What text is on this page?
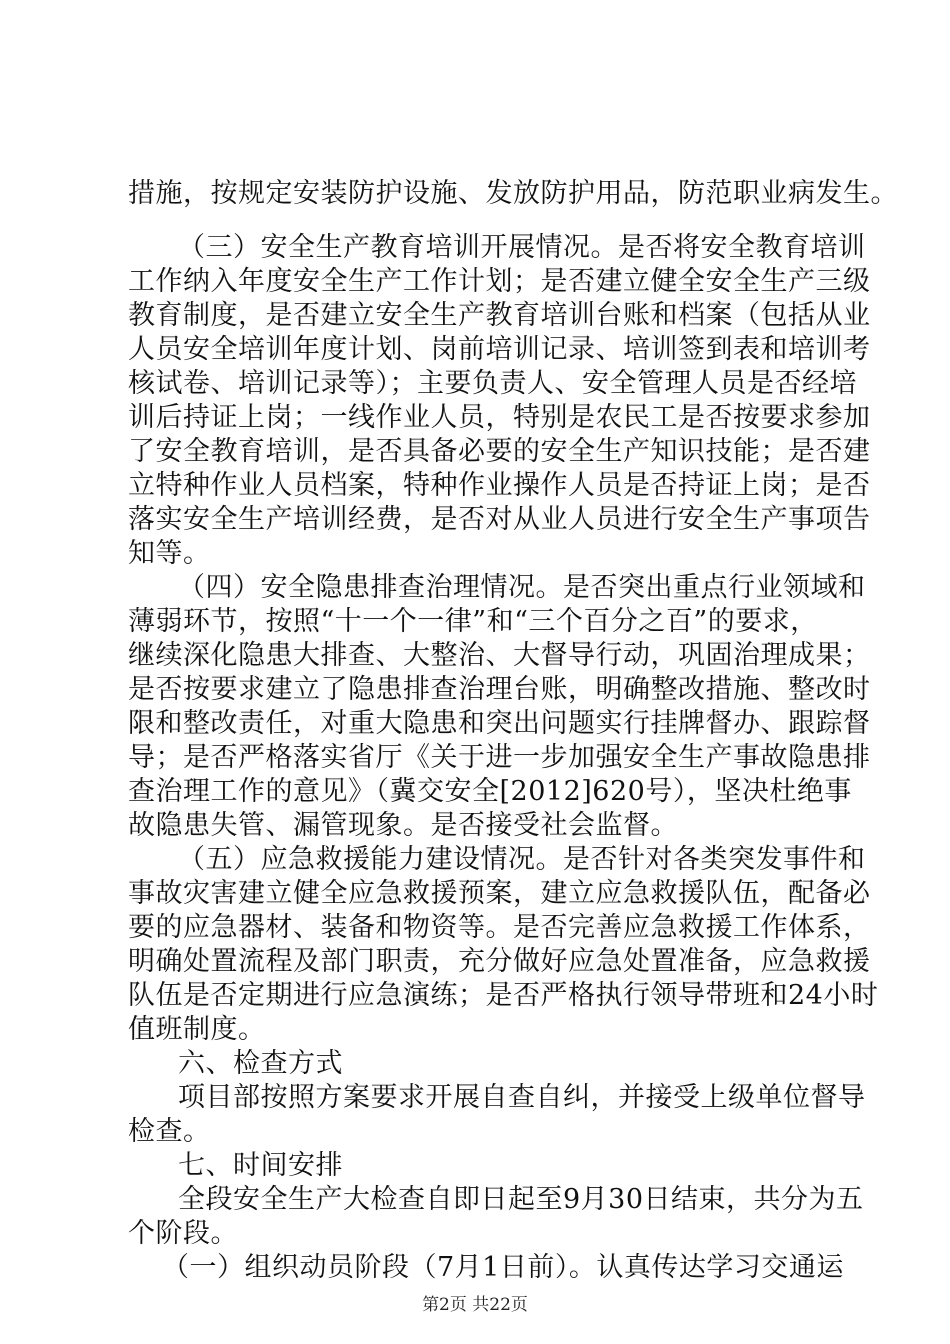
措施，按规定安装防护设施、发放防护用品，防范职业病发生。
（三）安全生产教育培训开展情况。是否将安全教育培训
工作纳入年度安全生产工作计划；是否建立健全安全生产三级
教育制度，是否建立安全生产教育培训台账和档案（包括从业
人员安全培训年度计划、岗前培训记录、培训签到表和培训考
核试卷、培训记录等）；主要负责人、安全管理人员是否经培
训后持证上岗；一线作业人员，特别是农民工是否按要求参加
了安全教育培训，是否具备必要的安全生产知识技能；是否建
立特种作业人员档案，特种作业操作人员是否持证上岗；是否
落实安全生产培训经费，是否对从业人员进行安全生产事项告
知等。
（四）安全隐患排查治理情况。是否突出重点行业领域和
薄弱环节，按照“十一个一律”和“三个百分之百”的要求，
继续深化隐患大排查、大整治、大督导行动，巩固治理成果；
是否按要求建立了隐患排查治理台账，明确整改措施、整改时
限和整改责任，对重大隐患和突出问题实行挂牌督办、跟踪督
导；是否严格落实省厅《关于进一步加强安全生产事故隐患排
查治理工作的意见》（冀交安全[2012]620号），坚决杜绝事
故隐患失管、漏管现象。是否接受社会监督。
（五）应急救援能力建设情况。是否针对各类突发事件和
事故灾害建立健全应急救援预案，建立应急救援队伍，配备必
要的应急器材、装备和物资等。是否完善应急救援工作体系，
明确处置流程及部门职责，充分做好应急处置准备，应急救援
队伍是否定期进行应急演练；是否严格执行领导带班和24小时
值班制度。
六、检查方式
项目部按照方案要求开展自查自纠，并接受上级单位督导
检查。
七、时间安排
全段安全生产大检查自即日起至9月30日结束，共分为五
个阶段。
（一）组织动员阶段（7月1日前）。认真传达学习交通运
第2页 共22页
